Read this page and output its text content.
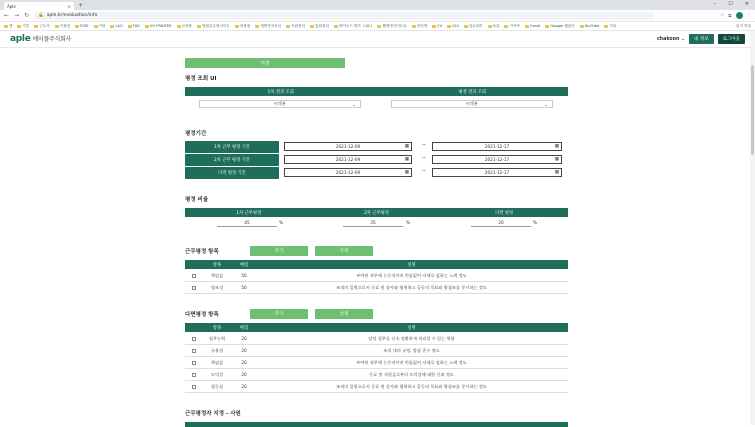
Aple	✕ +	– ☐ ✕
← → ↻ 🔒 aple.kr/evaluation/info	☆ ⧉	⋮
앱	카톤	근무자	이플링	PLTK	가랑	LAO	TAO	VO PRINTER	교육용	법원공무원사이트	어플용	개발자자료실	지원정리	통원관리	바이오드 발가 스와니	웹생명사이트들	리딩게	CV	GUI	업무관리	보류	카카아	Gmail	Google 캘린더	YouTube	기타	읽기 목록
aple 에이플주식회사	chakoon ⌄	내 정보	로그아웃
저장
평정 조회 UI
1차 결과 조회	평정 결과 조회
비객용	⌄	비객용	⌄
평정기간
1차 근무 평정 기간	2021-12-09	▦	~	2021-12-17	▦
2차 근무 평정 기간	2021-12-09	▦	~	2021-12-17	▦
다면 평정 기간	2021-12-09	▦	~	2021-12-17	▦
평정 비율
1차 근무평정	2차 근무평정	다면 평정
45	%	35	%	20	%
근무평정 항목	추가	삭제
항목	배점	설명
책임감	50	부여된 직무에 능동적이며 빈틈없어 자세로 임하는 노력 정도
협조성	50	조직의 일원으로서 동료 및 상사와 협력하고 공동의 목표와 방침조를 중시하는 정도
다면평정 항목	추가	삭제
항목	배점	설명
업무능력	20	담당 업무를 신속 정확하게 처리할 수 있는 역량
규율성	20	조직 내의 규정, 방침 준수 정도
책임감	20	부여된 직무에 능동적이며 빈틈없어 자세로 임하는 노력 정도
도덕성	20	동료 및 직원들로부터 도덕성에 대한 신뢰 정도
협동심	20	조직의 일원으로서 동료 및 상사와 협력하고 공동의 목표와 방침조를 중시하는 정도
근무평정자 지정 - 사원
